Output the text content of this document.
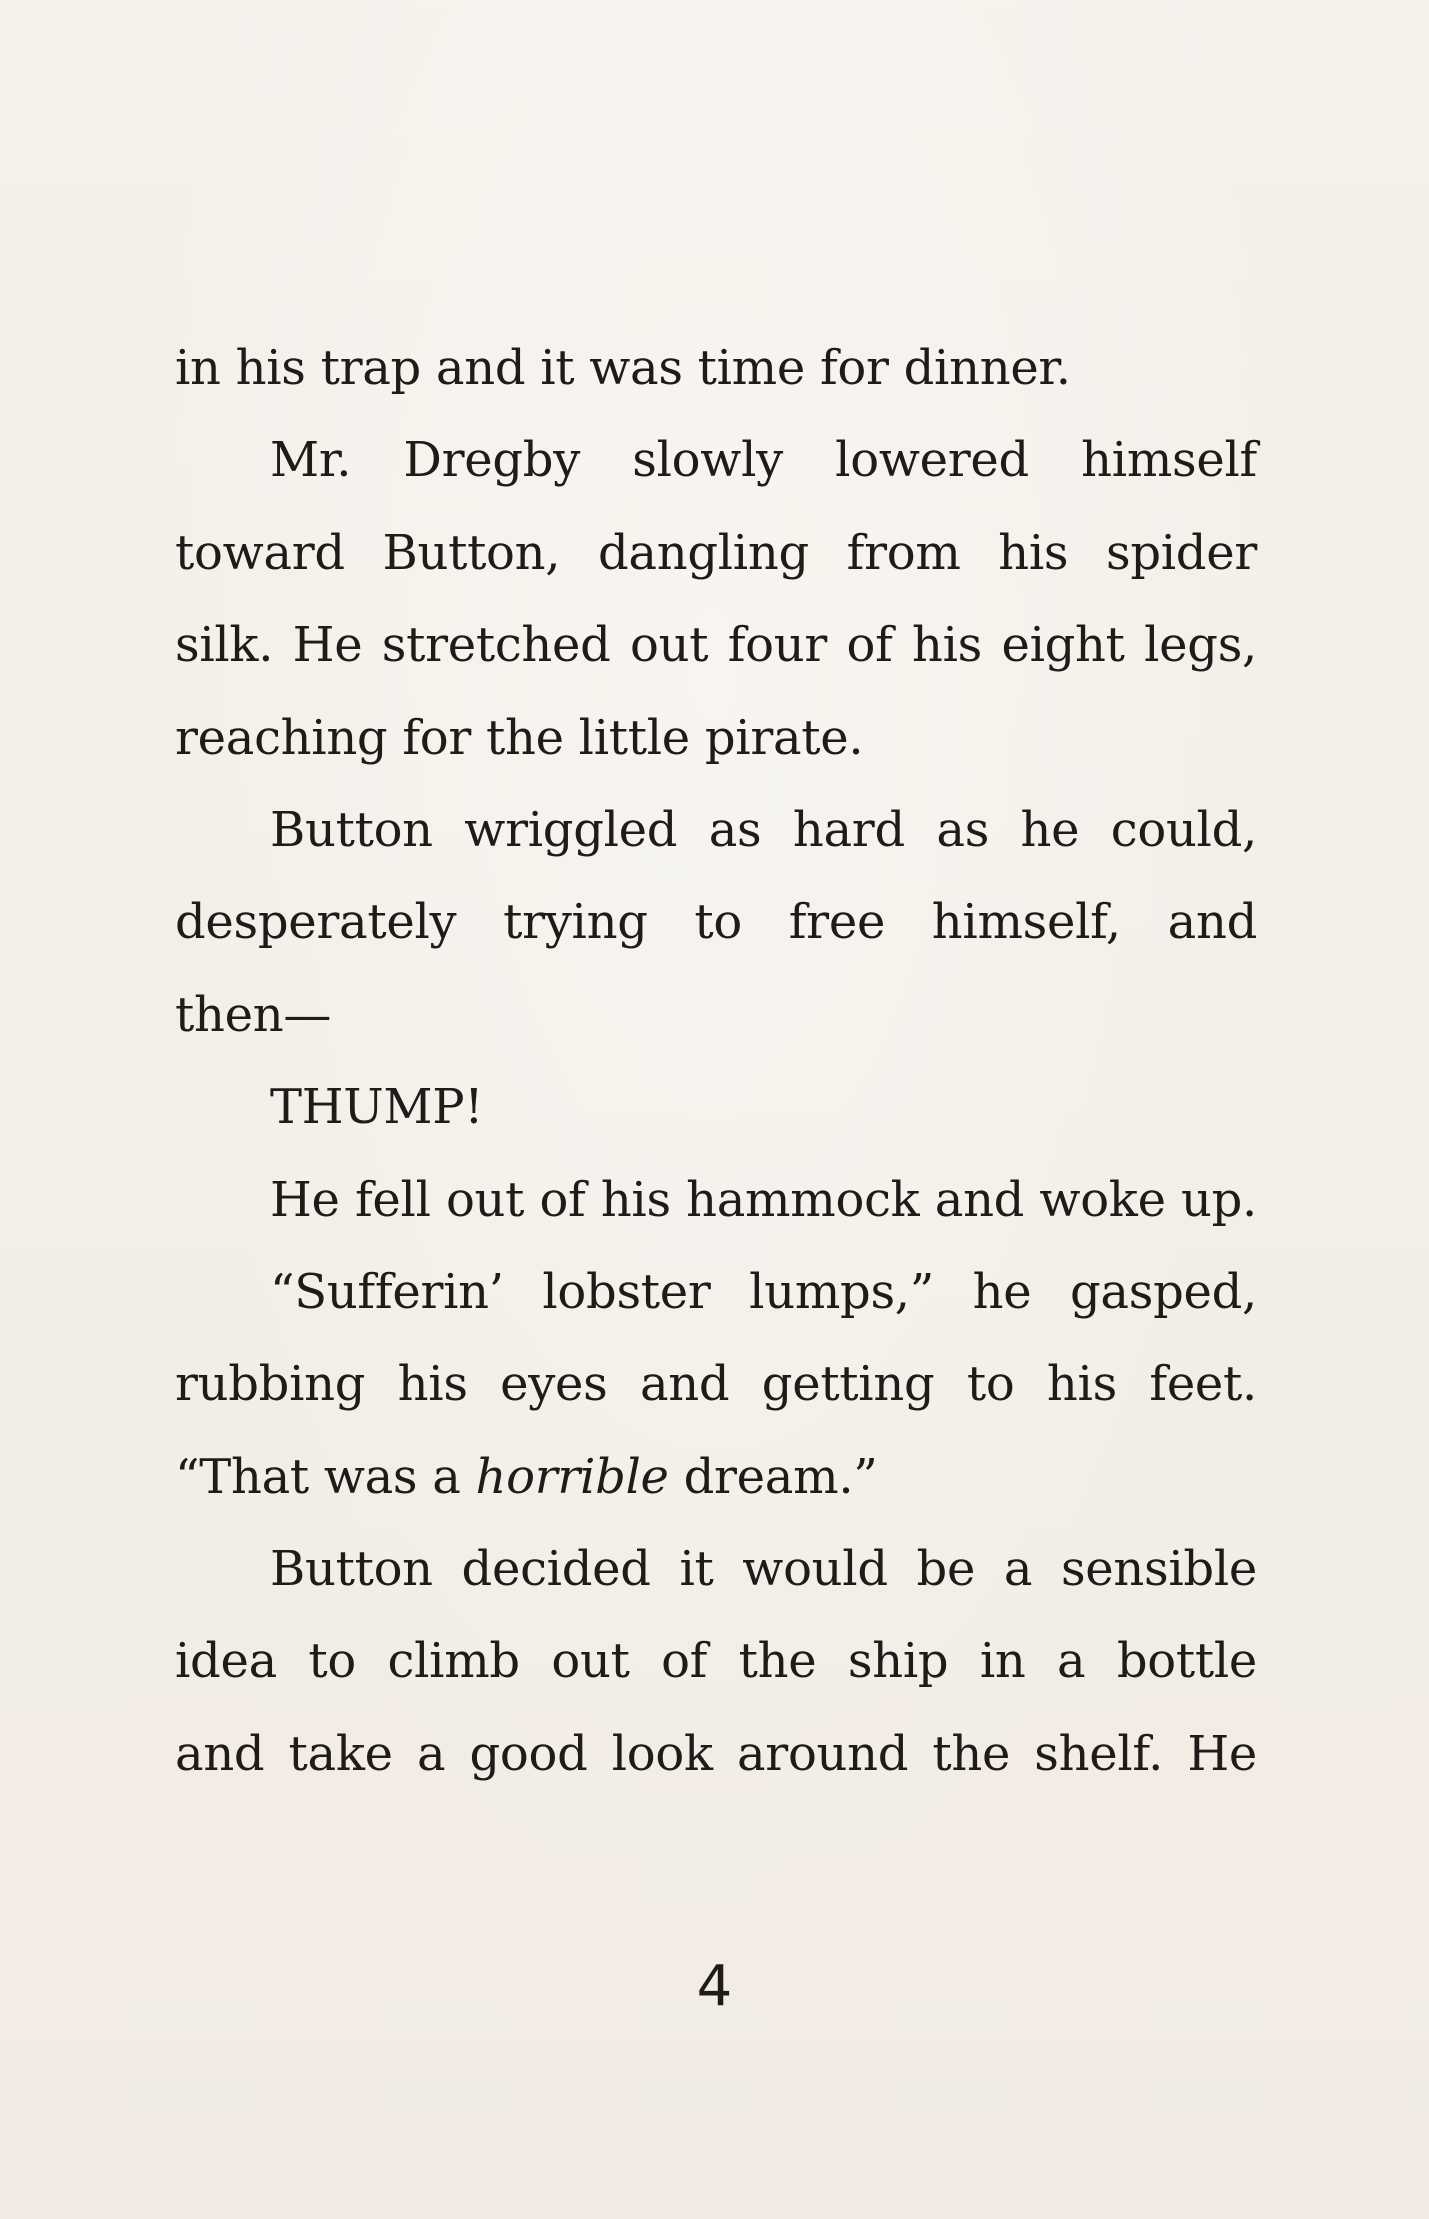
in his trap and it was time for dinner.
Mr. Dregby slowly lowered himself
toward Button, dangling from his spider
silk. He stretched out four of his eight legs,
reaching for the little pirate.
Button wriggled as hard as he could,
desperately trying to free himself, and
then—
THUMP!
He fell out of his hammock and woke up.
“Sufferin’ lobster lumps,” he gasped,
rubbing his eyes and getting to his feet.
“That was a horrible dream.”
Button decided it would be a sensible
idea to climb out of the ship in a bottle
and take a good look around the shelf. He
4
